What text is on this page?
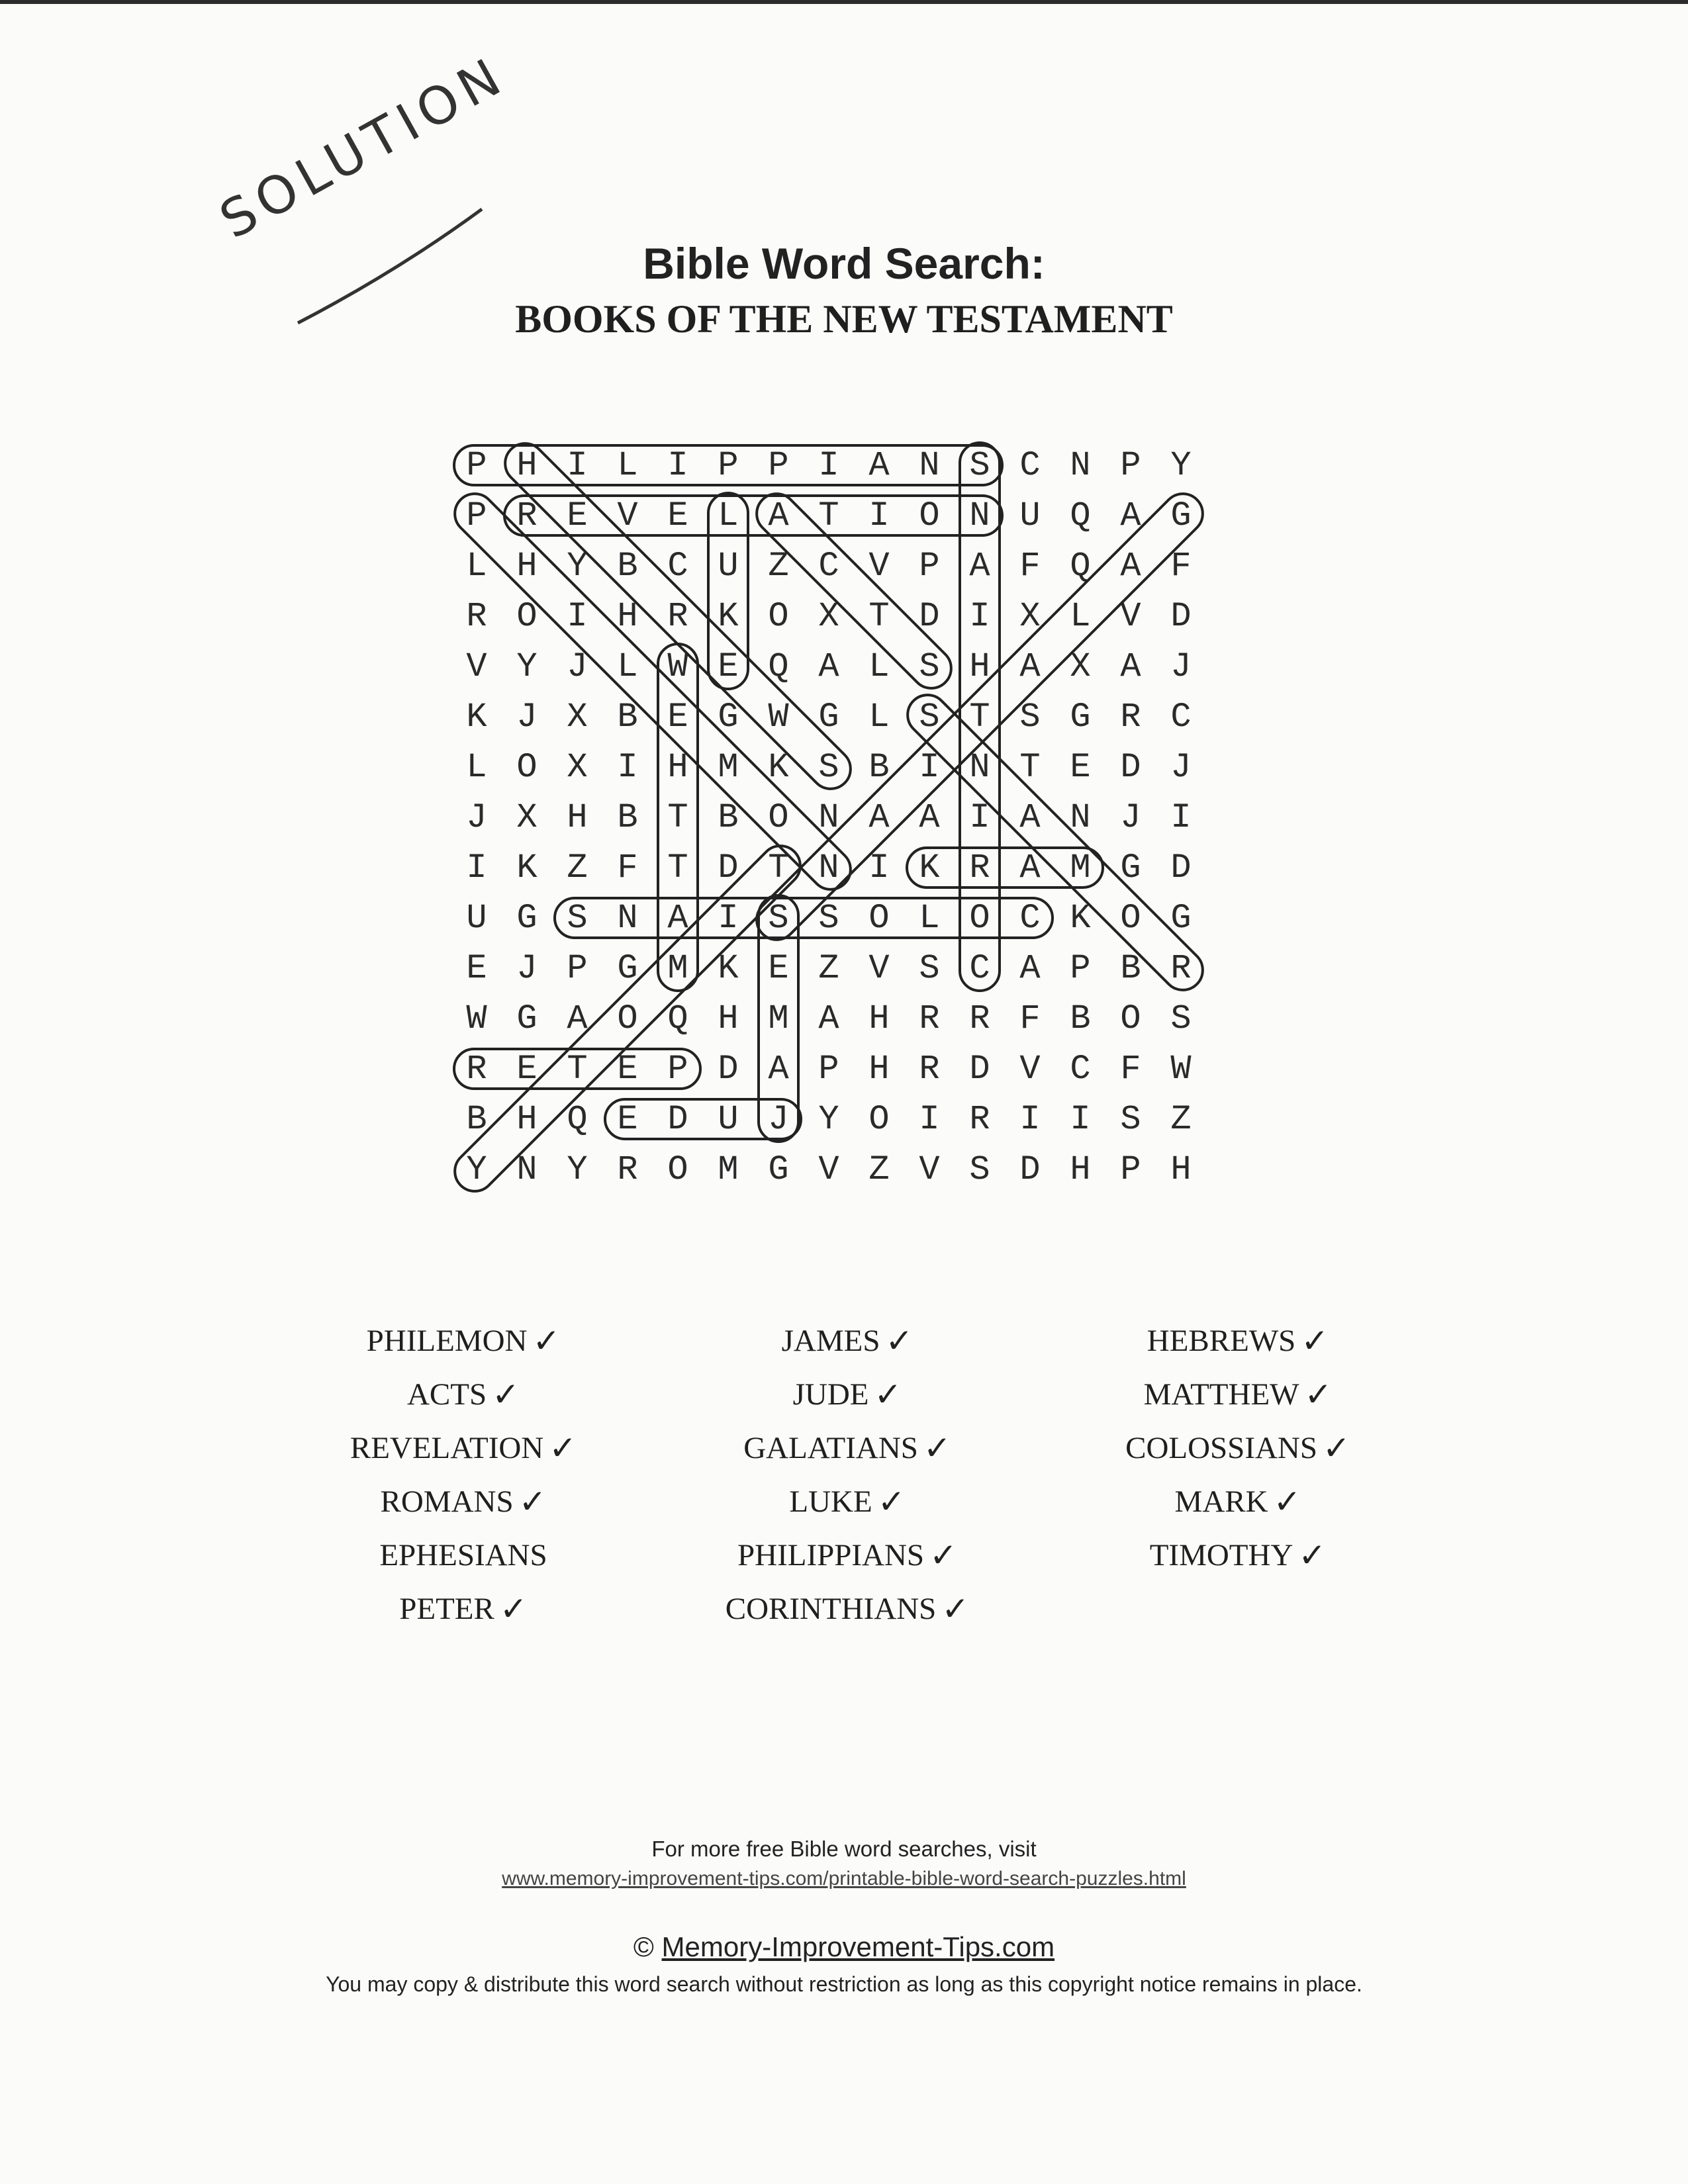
SOLUTION
Bible Word Search:
BOOKS OF THE NEW TESTAMENT
P H I L I P P I A N S C N P Y
P R E V E L A T I O N U Q A G
L H Y B C U Z C V P A F Q A F
R O I H R K O X T D I X L V D
V Y J L W E Q A L S H A X A J
K J X B E G W G L S T S G R C
L O X I H M K S B I N T E D J
J X H B T B O N A A I A N J I
I K Z F T D T N I K R A M G D
U G S N A I S S O L O C K O G
E J P G M K E Z V S C A P B R
W G A O Q H M A H R R F B O S
R E T E P D A P H R D V C F W
B H Q E D U J Y O I R I I S Z
Y N Y R O M G V Z V S D H P H
PHILEMON ✓
ACTS ✓
REVELATION ✓
ROMANS ✓
EPHESIANS
PETER ✓
JAMES ✓
JUDE ✓
GALATIANS ✓
LUKE ✓
PHILIPPIANS ✓
CORINTHIANS ✓
HEBREWS ✓
MATTHEW ✓
COLOSSIANS ✓
MARK ✓
TIMOTHY ✓
For more free Bible word searches, visit
www.memory-improvement-tips.com/printable-bible-word-search-puzzles.html
© Memory-Improvement-Tips.com
You may copy & distribute this word search without restriction as long as this copyright notice remains in place.
